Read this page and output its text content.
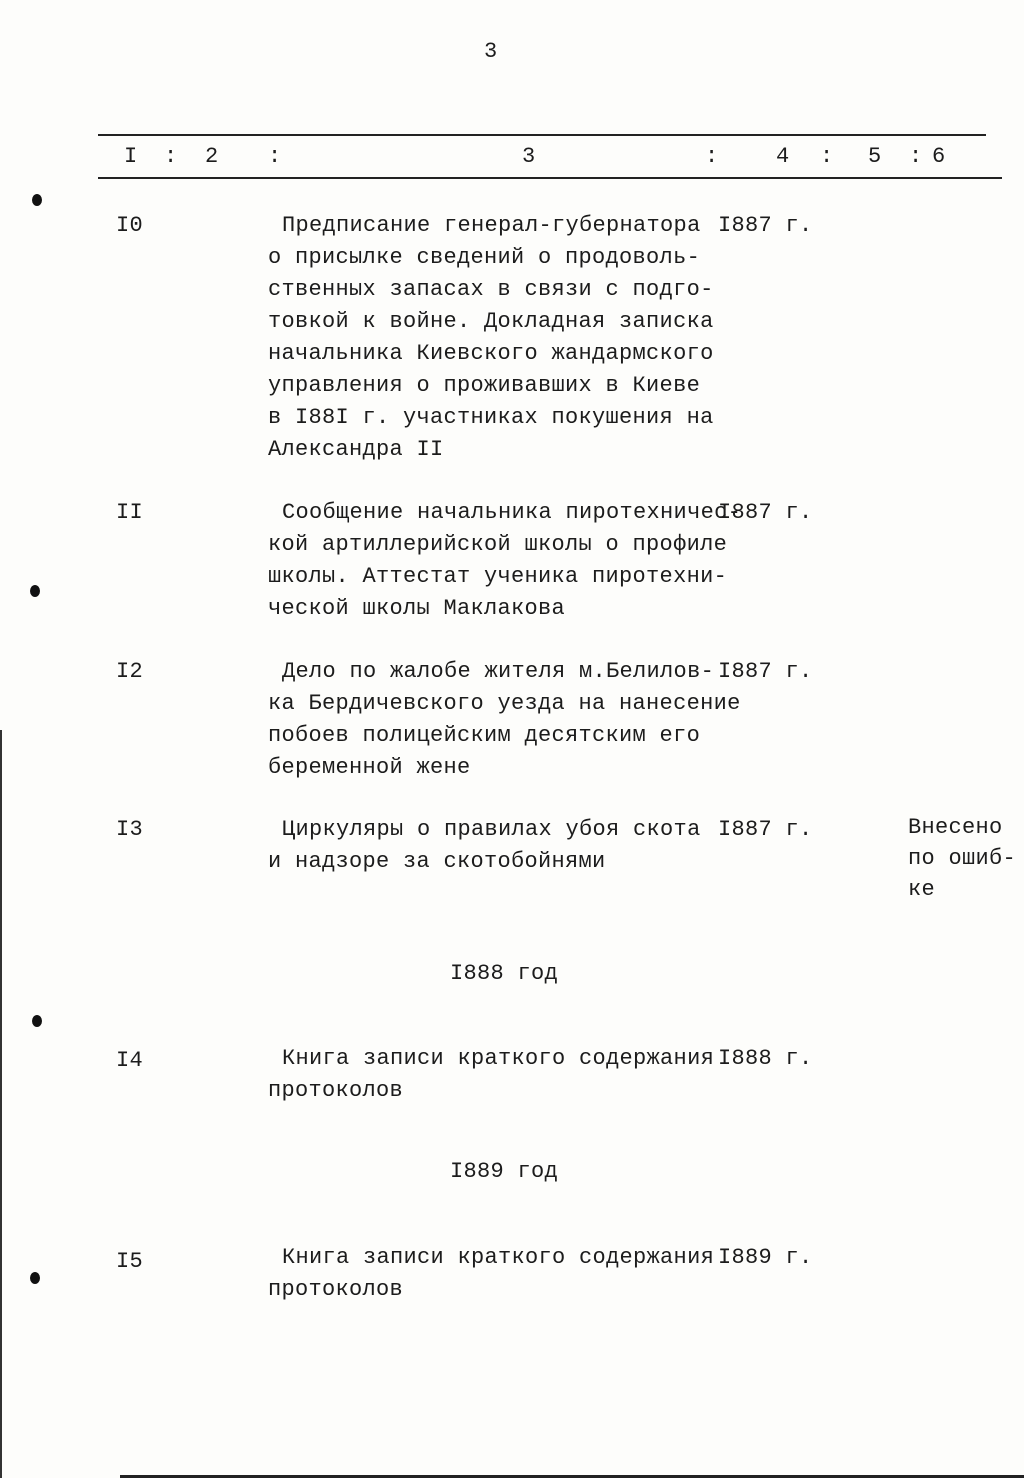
3
I : 2 :	3	:	4 : 5 : 6
I0	Предписание генерал-губернатора
о присылке сведений о продоволь-
ственных запасах в связи с подго-
товкой к войне. Докладная записка
начальника Киевского жандармского
управления о проживавших в Киеве
в I88I г. участниках покушения на
Александра II
I887 г.
II	Сообщение начальника пиротехничес-
кой артиллерийской школы о профиле
школы. Аттестат ученика пиротехни-
ческой школы Маклакова
I887 г.
I2	Дело по жалобе жителя м.Белилов-
ка Бердичевского уезда на нанесение
побоев полицейским десятским его
беременной жене
I887 г.
I3	Циркуляры о правилах убоя скота
и надзоре за скотобойнями
I887 г.	Внесено
по ошиб-
ке
I888 год
I4	Книга записи краткого содержания
протоколов
I888 г.
I889 год
I5	Книга записи краткого содержания
протоколов
I889 г.
